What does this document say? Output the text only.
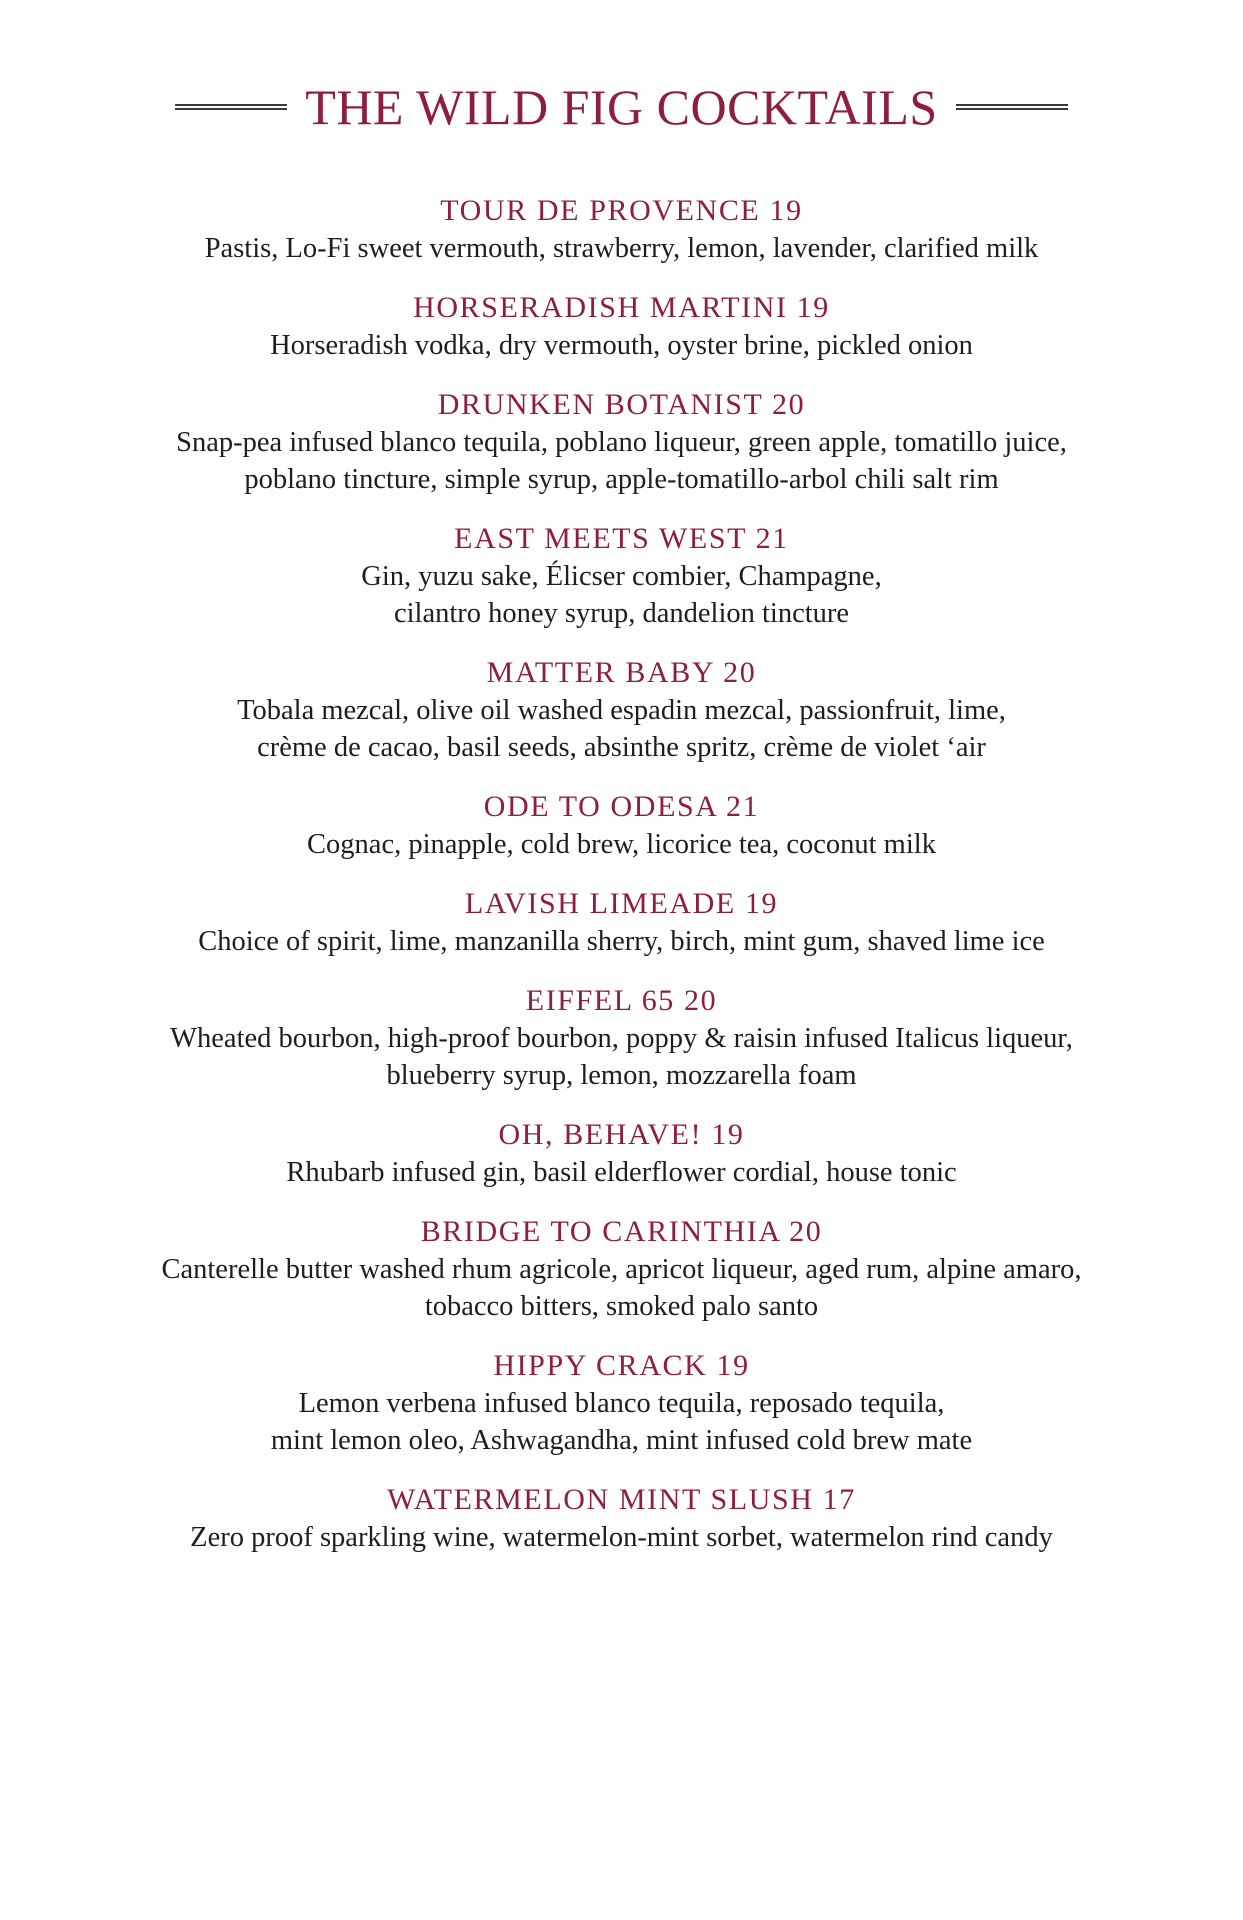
THE WILD FIG COCKTAILS
TOUR DE PROVENCE 19
Pastis, Lo-Fi sweet vermouth, strawberry, lemon, lavender, clarified milk
HORSERADISH MARTINI 19
Horseradish vodka, dry vermouth, oyster brine, pickled onion
DRUNKEN BOTANIST 20
Snap-pea infused blanco tequila, poblano liqueur, green apple, tomatillo juice,
poblano tincture, simple syrup, apple-tomatillo-arbol chili salt rim
EAST MEETS WEST 21
Gin, yuzu sake, Élicser combier, Champagne,
cilantro honey syrup, dandelion tincture
MATTER BABY 20
Tobala mezcal, olive oil washed espadin mezcal, passionfruit, lime,
crème de cacao, basil seeds, absinthe spritz, crème de violet ‘air
ODE TO ODESA 21
Cognac, pinapple, cold brew, licorice tea, coconut milk
LAVISH LIMEADE 19
Choice of spirit, lime, manzanilla sherry, birch, mint gum, shaved lime ice
EIFFEL 65 20
Wheated bourbon, high-proof bourbon, poppy & raisin infused Italicus liqueur,
blueberry syrup, lemon, mozzarella foam
OH, BEHAVE! 19
Rhubarb infused gin, basil elderflower cordial, house tonic
BRIDGE TO CARINTHIA 20
Canterelle butter washed rhum agricole, apricot liqueur, aged rum, alpine amaro,
tobacco bitters, smoked palo santo
HIPPY CRACK 19
Lemon verbena infused blanco tequila, reposado tequila,
mint lemon oleo, Ashwagandha, mint infused cold brew mate
WATERMELON MINT SLUSH 17
Zero proof sparkling wine, watermelon-mint sorbet, watermelon rind candy
